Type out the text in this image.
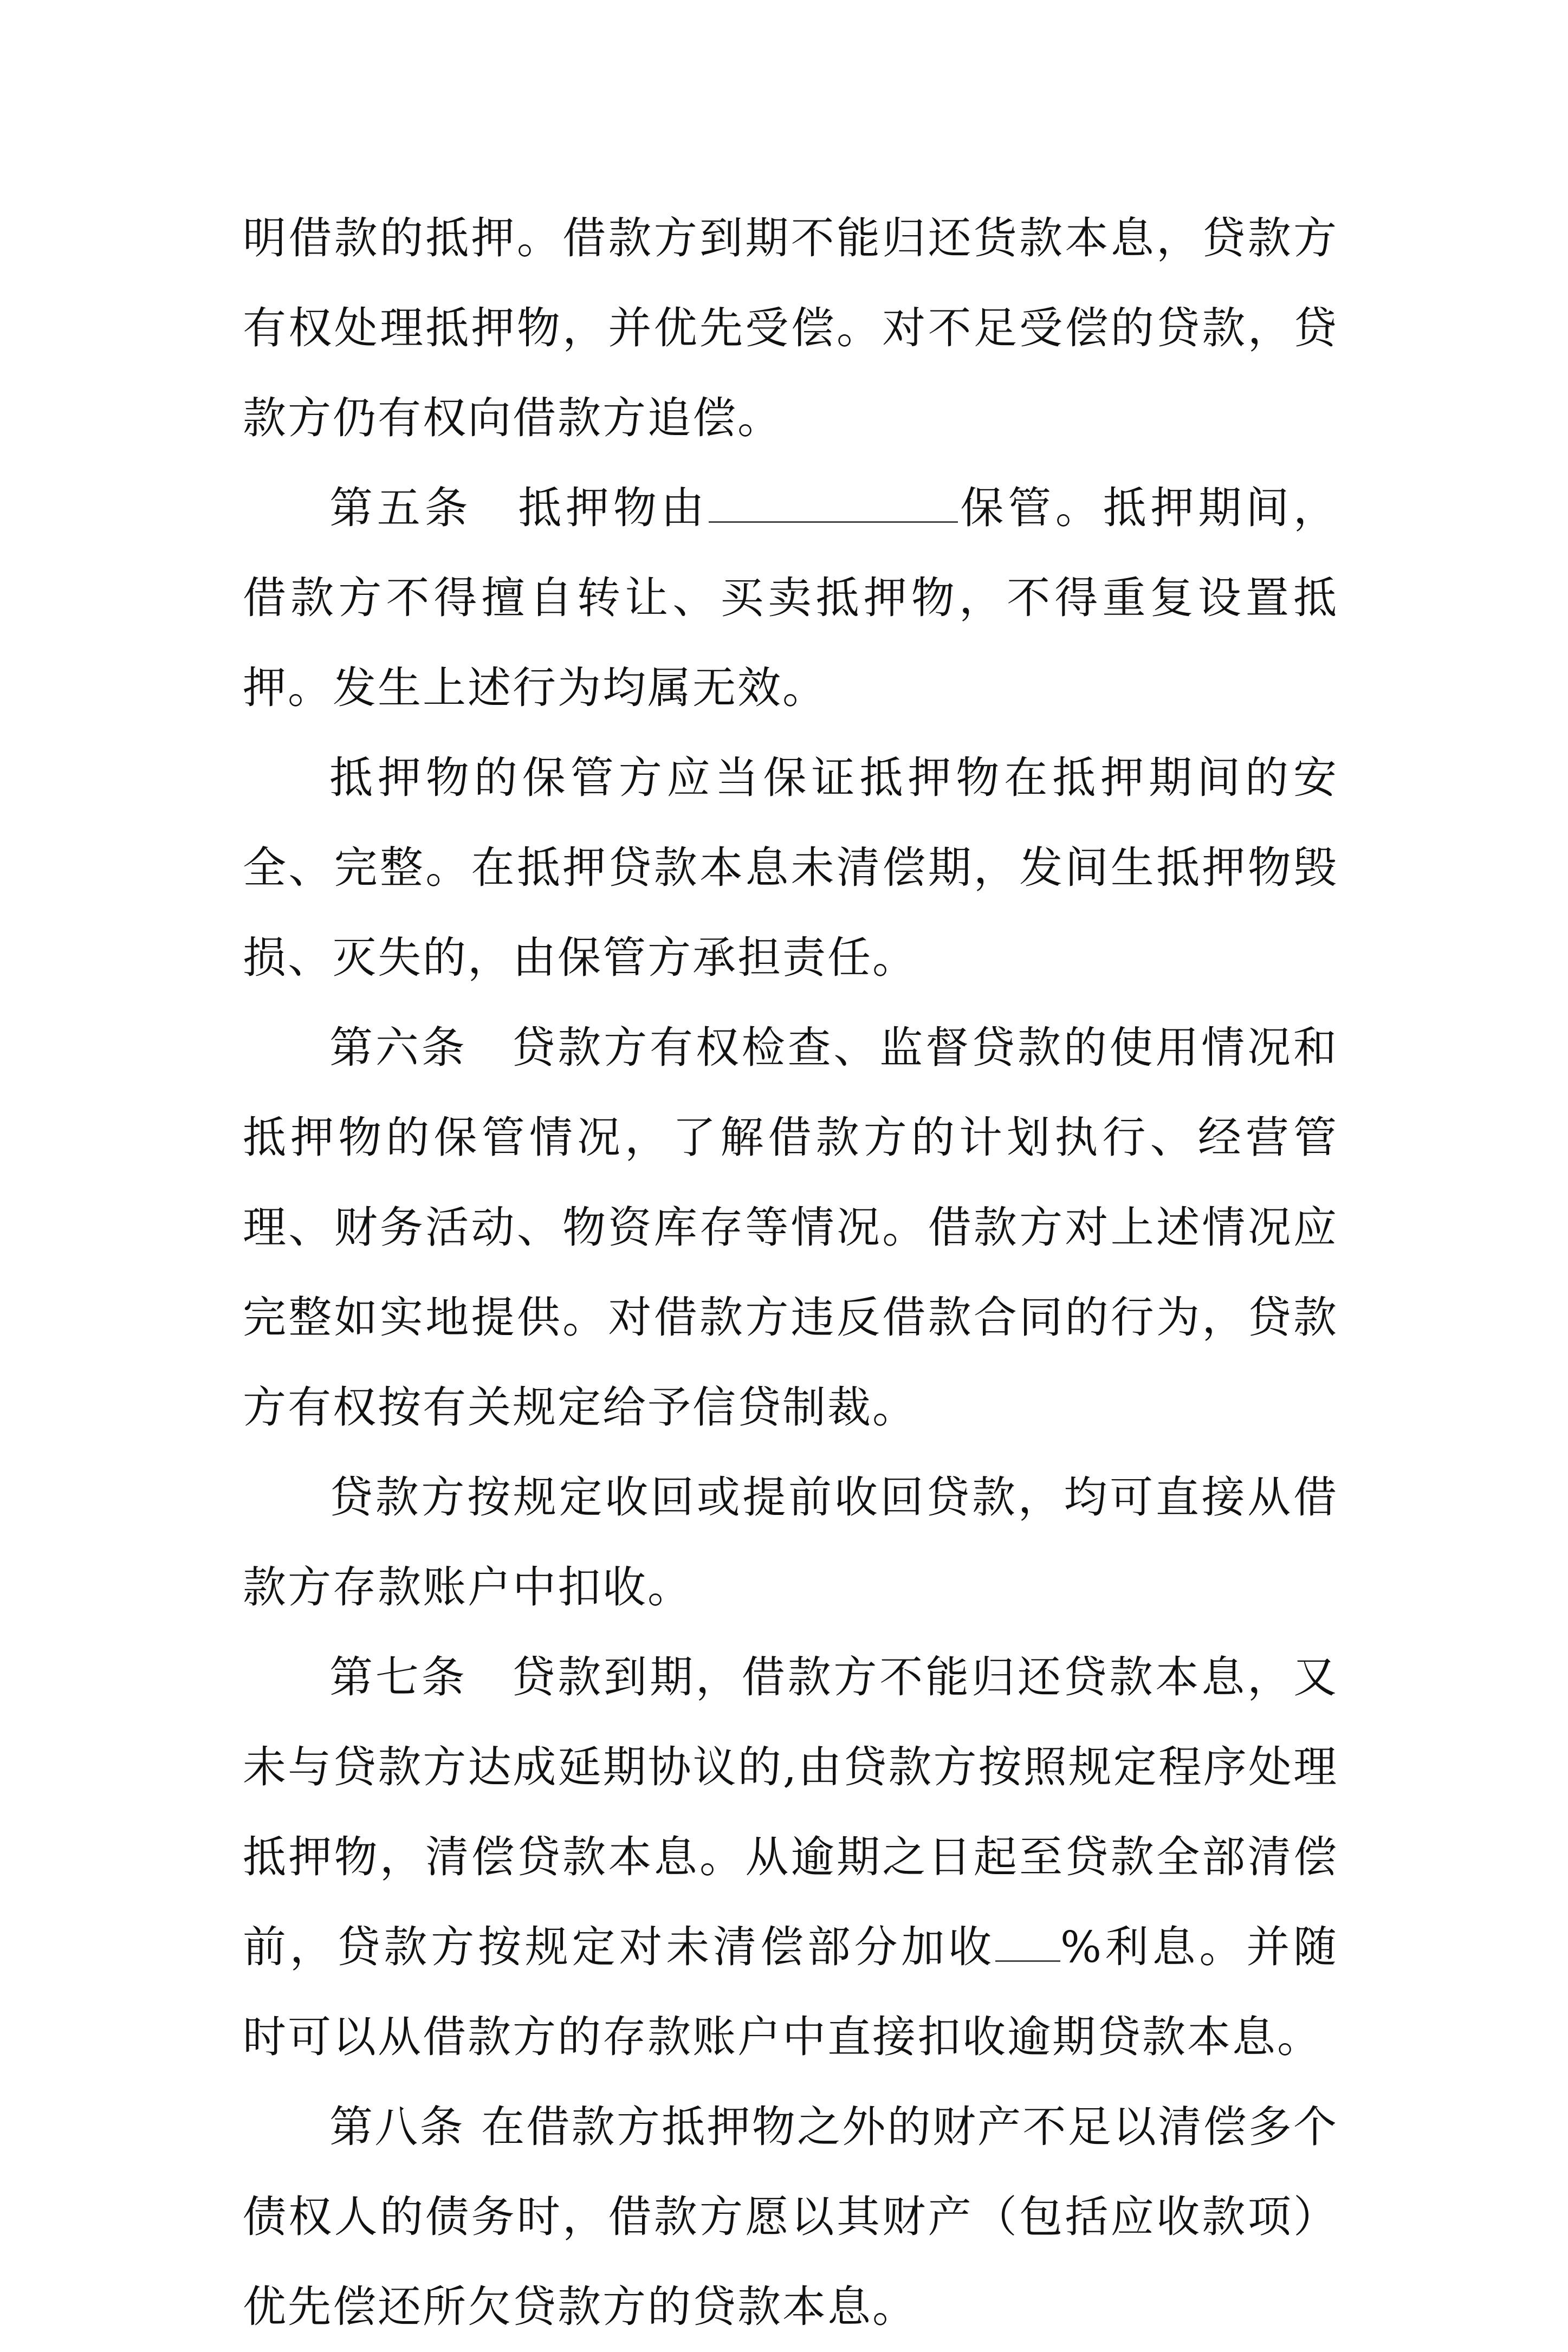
明借款的抵押。借款方到期不能归还货款本息，贷款方有权处理抵押物，并优先受偿。对不足受偿的贷款，贷款方仍有权向借款方追偿。

第五条 抵押物由	保管。抵押期间，借款方不得擅自转让、买卖抵押物，不得重复设置抵押。发生上述行为均属无效。

抵押物的保管方应当保证抵押物在抵押期间的安全、完整。在抵押贷款本息未清偿期，发间生抵押物毁损、灭失的，由保管方承担责任。

第六条 贷款方有权检查、监督贷款的使用情况和抵押物的保管情况，了解借款方的计划执行、经营管理、财务活动、物资库存等情况。借款方对上述情况应完整如实地提供。对借款方违反借款合同的行为，贷款方有权按有关规定给予信贷制裁。

贷款方按规定收回或提前收回贷款，均可直接从借款方存款账户中扣收。

第七条 贷款到期，借款方不能归还贷款本息，又未与贷款方达成延期协议的,由贷款方按照规定程序处理抵押物，清偿贷款本息。从逾期之日起至贷款全部清偿前，贷款方按规定对未清偿部分加收 %利息。并随时可以从借款方的存款账户中直接扣收逾期贷款本息。

第八条 在借款方抵押物之外的财产不足以清偿多个债权人的债务时，借款方愿以其财产（包括应收款项）优先偿还所欠贷款方的贷款本息。
